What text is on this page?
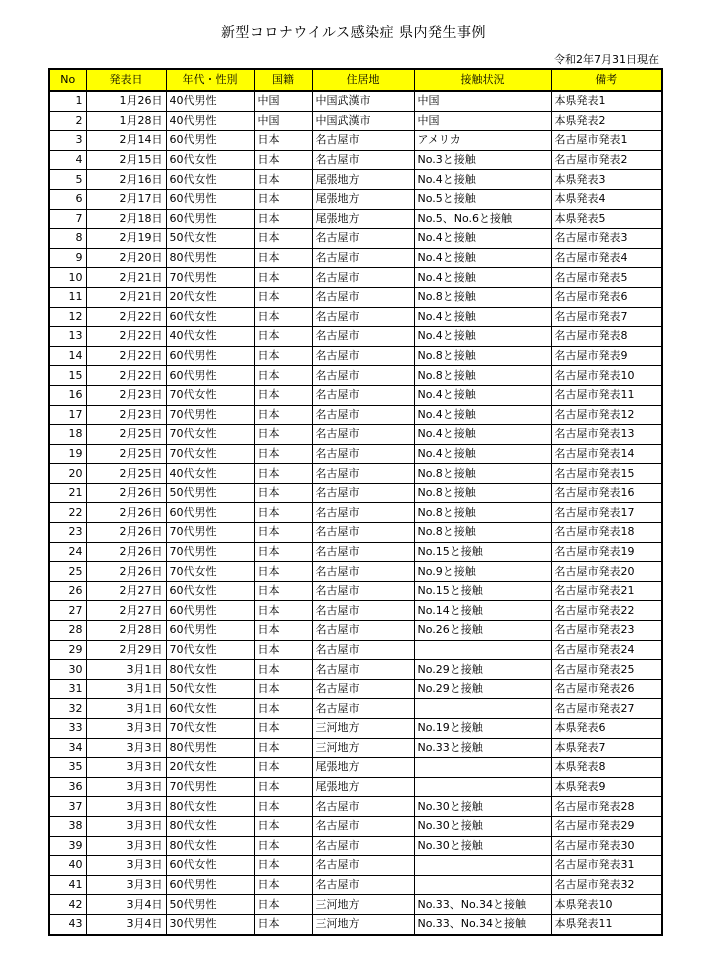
新型コロナウイルス感染症 県内発生事例
令和2年7月31日現在
No	発表日	年代・性別	国籍	住居地	接触状況	備考
1	1月26日	40代男性	中国	中国武漢市	中国	本県発表1
2	1月28日	40代男性	中国	中国武漢市	中国	本県発表2
3	2月14日	60代男性	日本	名古屋市	アメリカ	名古屋市発表1
4	2月15日	60代女性	日本	名古屋市	No.3と接触	名古屋市発表2
5	2月16日	60代女性	日本	尾張地方	No.4と接触	本県発表3
6	2月17日	60代男性	日本	尾張地方	No.5と接触	本県発表4
7	2月18日	60代男性	日本	尾張地方	No.5、No.6と接触	本県発表5
8	2月19日	50代女性	日本	名古屋市	No.4と接触	名古屋市発表3
9	2月20日	80代男性	日本	名古屋市	No.4と接触	名古屋市発表4
10	2月21日	70代男性	日本	名古屋市	No.4と接触	名古屋市発表5
11	2月21日	20代女性	日本	名古屋市	No.8と接触	名古屋市発表6
12	2月22日	60代女性	日本	名古屋市	No.4と接触	名古屋市発表7
13	2月22日	40代女性	日本	名古屋市	No.4と接触	名古屋市発表8
14	2月22日	60代男性	日本	名古屋市	No.8と接触	名古屋市発表9
15	2月22日	60代男性	日本	名古屋市	No.8と接触	名古屋市発表10
16	2月23日	70代女性	日本	名古屋市	No.4と接触	名古屋市発表11
17	2月23日	70代男性	日本	名古屋市	No.4と接触	名古屋市発表12
18	2月25日	70代女性	日本	名古屋市	No.4と接触	名古屋市発表13
19	2月25日	70代女性	日本	名古屋市	No.4と接触	名古屋市発表14
20	2月25日	40代女性	日本	名古屋市	No.8と接触	名古屋市発表15
21	2月26日	50代男性	日本	名古屋市	No.8と接触	名古屋市発表16
22	2月26日	60代男性	日本	名古屋市	No.8と接触	名古屋市発表17
23	2月26日	70代男性	日本	名古屋市	No.8と接触	名古屋市発表18
24	2月26日	70代男性	日本	名古屋市	No.15と接触	名古屋市発表19
25	2月26日	70代女性	日本	名古屋市	No.9と接触	名古屋市発表20
26	2月27日	60代女性	日本	名古屋市	No.15と接触	名古屋市発表21
27	2月27日	60代男性	日本	名古屋市	No.14と接触	名古屋市発表22
28	2月28日	60代男性	日本	名古屋市	No.26と接触	名古屋市発表23
29	2月29日	70代女性	日本	名古屋市		名古屋市発表24
30	3月1日	80代女性	日本	名古屋市	No.29と接触	名古屋市発表25
31	3月1日	50代女性	日本	名古屋市	No.29と接触	名古屋市発表26
32	3月1日	60代女性	日本	名古屋市		名古屋市発表27
33	3月3日	70代女性	日本	三河地方	No.19と接触	本県発表6
34	3月3日	80代男性	日本	三河地方	No.33と接触	本県発表7
35	3月3日	20代女性	日本	尾張地方		本県発表8
36	3月3日	70代男性	日本	尾張地方		本県発表9
37	3月3日	80代女性	日本	名古屋市	No.30と接触	名古屋市発表28
38	3月3日	80代女性	日本	名古屋市	No.30と接触	名古屋市発表29
39	3月3日	80代女性	日本	名古屋市	No.30と接触	名古屋市発表30
40	3月3日	60代女性	日本	名古屋市		名古屋市発表31
41	3月3日	60代男性	日本	名古屋市		名古屋市発表32
42	3月4日	50代男性	日本	三河地方	No.33、No.34と接触	本県発表10
43	3月4日	30代男性	日本	三河地方	No.33、No.34と接触	本県発表11
